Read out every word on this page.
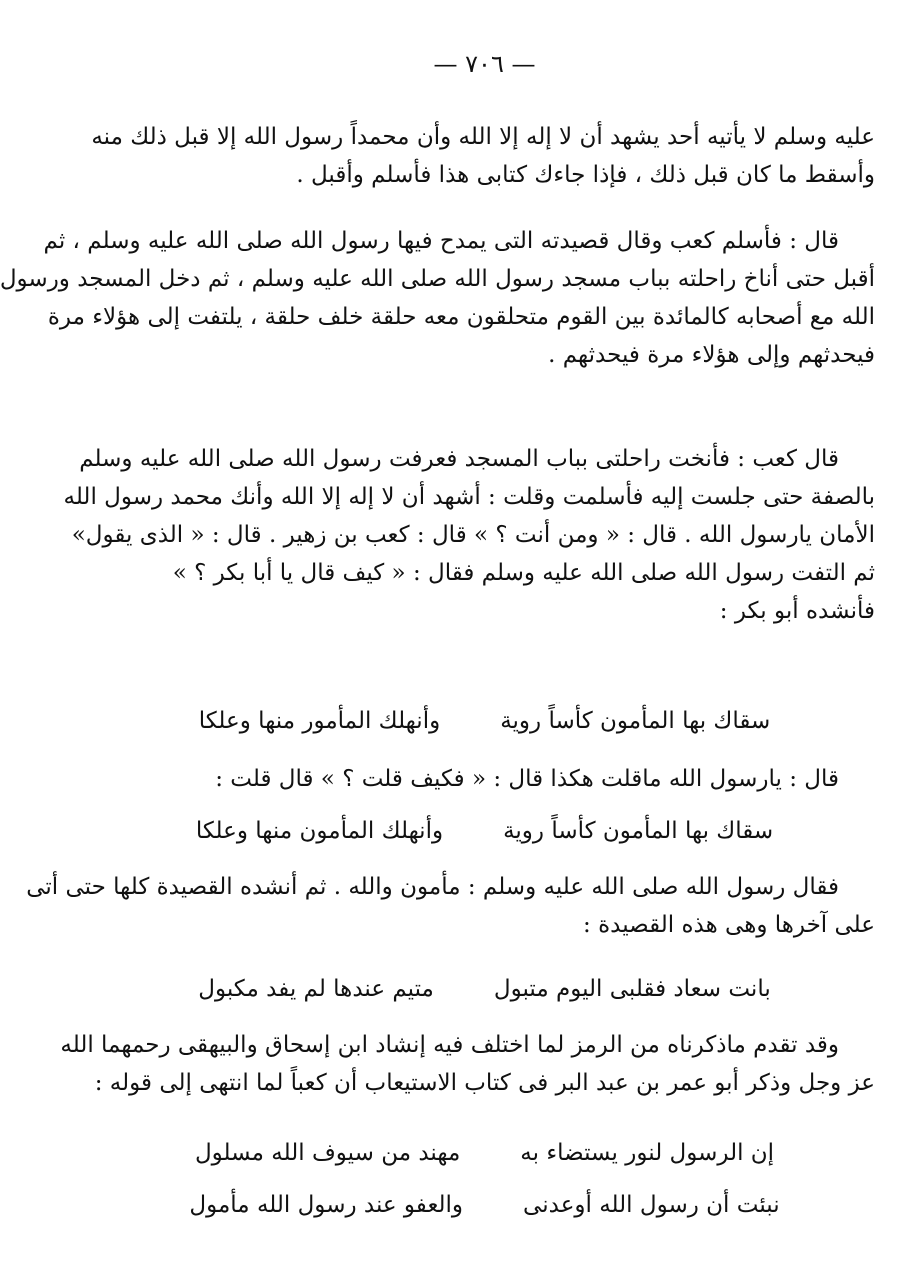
— ٧٠٦ —
عليه وسلم لا يأتيه أحد يشهد أن لا إله إلا الله وأن محمداً رسول الله إلا قبل ذلك منه
وأسقط ما كان قبل ذلك ، فإذا جاءك كتابى هذا فأسلم وأقبل .
قال : فأسلم كعب وقال قصيدته التى يمدح فيها رسول الله صلى الله عليه وسلم ، ثم
أقبل حتى أناخ راحلته بباب مسجد رسول الله صلى الله عليه وسلم ، ثم دخل المسجد ورسول
الله مع أصحابه كالمائدة بين القوم متحلقون معه حلقة خلف حلقة ، يلتفت إلى هؤلاء مرة
فيحدثهم وإلى هؤلاء مرة فيحدثهم .
قال كعب : فأنخت راحلتى بباب المسجد فعرفت رسول الله صلى الله عليه وسلم
بالصفة حتى جلست إليه فأسلمت وقلت : أشهد أن لا إله إلا الله وأنك محمد رسول الله
الأمان يارسول الله . قال : « ومن أنت ؟ » قال : كعب بن زهير . قال : « الذى يقول»
ثم التفت رسول الله صلى الله عليه وسلم فقال : « كيف قال يا أبا بكر ؟ »
فأنشده أبو بكر :
سقاك بها المأمون كأساً روية
وأنهلك المأمور منها وعلكا
قال : يارسول الله ماقلت هكذا قال : « فكيف قلت ؟ » قال قلت :
سقاك بها المأمون كأساً روية
وأنهلك المأمون منها وعلكا
فقال رسول الله صلى الله عليه وسلم : مأمون والله . ثم أنشده القصيدة كلها حتى أتى
على آخرها وهى هذه القصيدة :
بانت سعاد فقلبى اليوم متبول
متيم عندها لم يفد مكبول
وقد تقدم ماذكرناه من الرمز لما اختلف فيه إنشاد ابن إسحاق والبيهقى رحمهما الله
عز وجل وذكر أبو عمر بن عبد البر فى كتاب الاستيعاب أن كعباً لما انتهى إلى قوله :
إن الرسول لنور يستضاء به
مهند من سيوف الله مسلول
نبئت أن رسول الله أوعدنى
والعفو عند رسول الله مأمول
